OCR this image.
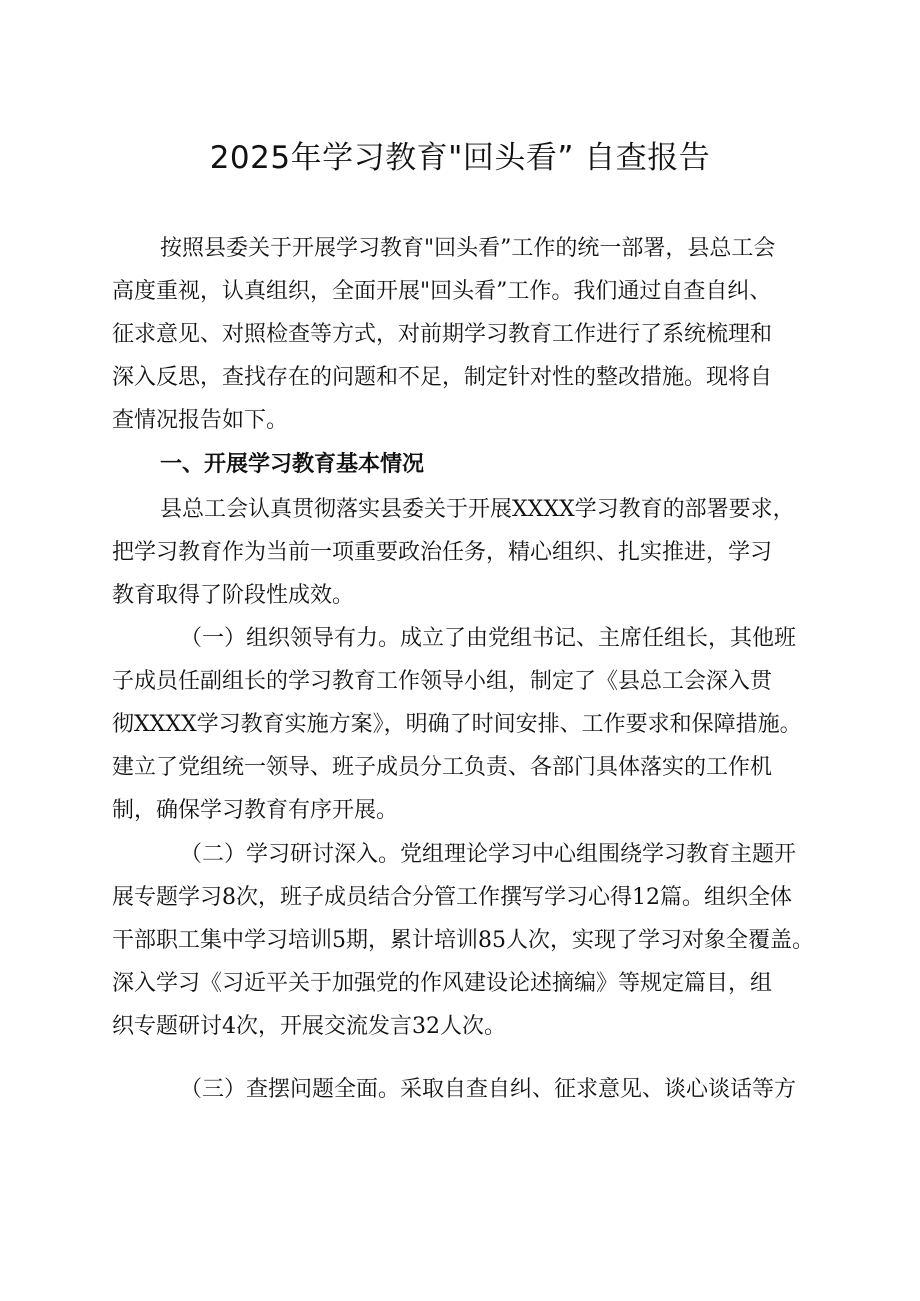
2025年学习教育"回头看” 自查报告
按照县委关于开展学习教育"回头看”工作的统一部署，县总工会
高度重视，认真组织，全面开展"回头看”工作。我们通过自查自纠、
征求意见、对照检查等方式，对前期学习教育工作进行了系统梳理和
深入反思，查找存在的问题和不足，制定针对性的整改措施。现将自
查情况报告如下。
一、开展学习教育基本情况
县总工会认真贯彻落实县委关于开展XXXX学习教育的部署要求，
把学习教育作为当前一项重要政治任务，精心组织、扎实推进，学习
教育取得了阶段性成效。
（一）组织领导有力。成立了由党组书记、主席任组长，其他班
子成员任副组长的学习教育工作领导小组，制定了《县总工会深入贯
彻XXXX学习教育实施方案》，明确了时间安排、工作要求和保障措施。
建立了党组统一领导、班子成员分工负责、各部门具体落实的工作机
制，确保学习教育有序开展。
（二）学习研讨深入。党组理论学习中心组围绕学习教育主题开
展专题学习8次，班子成员结合分管工作撰写学习心得12篇。组织全体
干部职工集中学习培训5期，累计培训85人次，实现了学习对象全覆盖。
深入学习《习近平关于加强党的作风建设论述摘编》等规定篇目，组
织专题研讨4次，开展交流发言32人次。
（三）查摆问题全面。采取自查自纠、征求意见、谈心谈话等方
